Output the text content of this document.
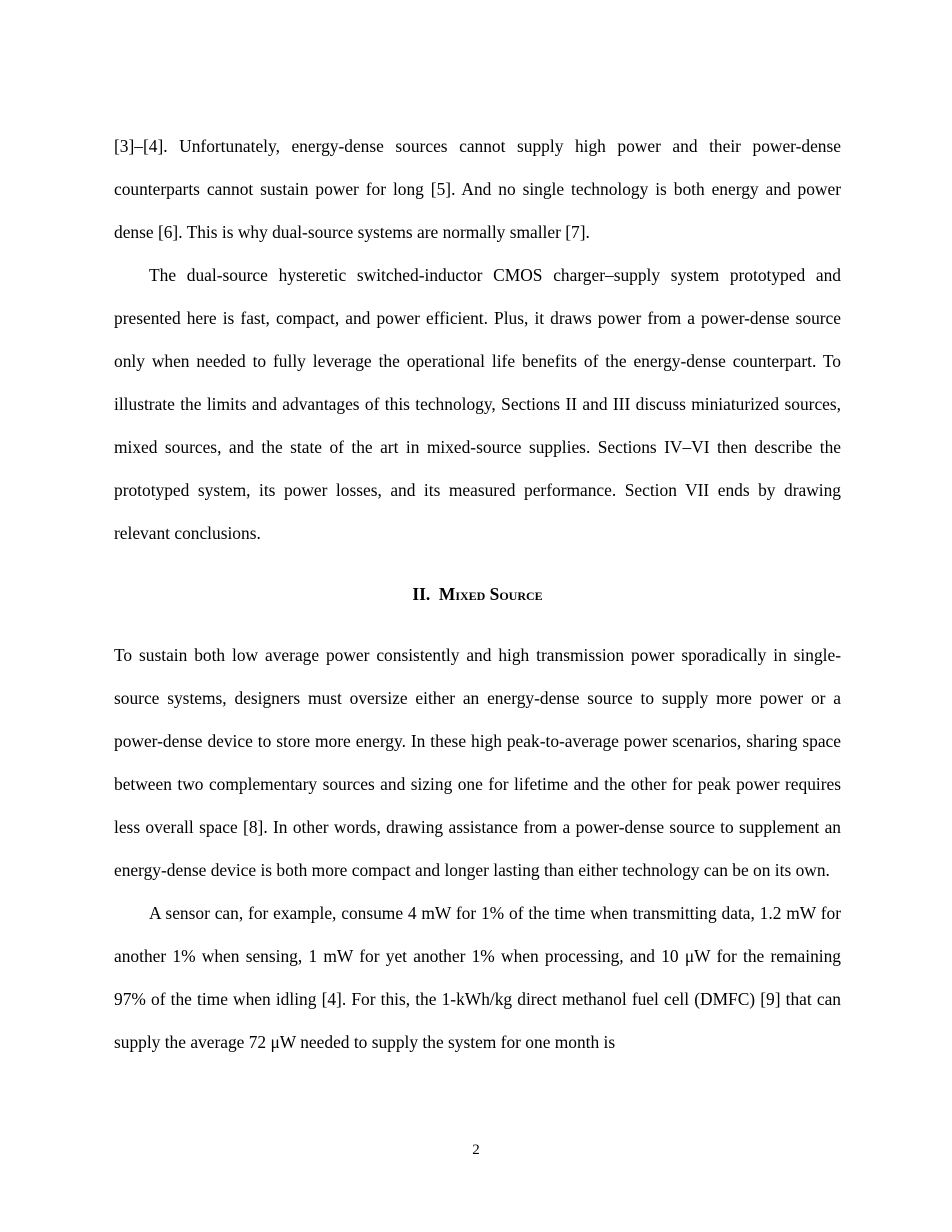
[3]–[4]. Unfortunately, energy-dense sources cannot supply high power and their power-dense counterparts cannot sustain power for long [5]. And no single technology is both energy and power dense [6]. This is why dual-source systems are normally smaller [7].

The dual-source hysteretic switched-inductor CMOS charger–supply system prototyped and presented here is fast, compact, and power efficient. Plus, it draws power from a power-dense source only when needed to fully leverage the operational life benefits of the energy-dense counterpart. To illustrate the limits and advantages of this technology, Sections II and III discuss miniaturized sources, mixed sources, and the state of the art in mixed-source supplies. Sections IV–VI then describe the prototyped system, its power losses, and its measured performance. Section VII ends by drawing relevant conclusions.

II. Mixed Source

To sustain both low average power consistently and high transmission power sporadically in single-source systems, designers must oversize either an energy-dense source to supply more power or a power-dense device to store more energy. In these high peak-to-average power scenarios, sharing space between two complementary sources and sizing one for lifetime and the other for peak power requires less overall space [8]. In other words, drawing assistance from a power-dense source to supplement an energy-dense device is both more compact and longer lasting than either technology can be on its own.

A sensor can, for example, consume 4 mW for 1% of the time when transmitting data, 1.2 mW for another 1% when sensing, 1 mW for yet another 1% when processing, and 10 μW for the remaining 97% of the time when idling [4]. For this, the 1-kWh/kg direct methanol fuel cell (DMFC) [9] that can supply the average 72 μW needed to supply the system for one month is

2
